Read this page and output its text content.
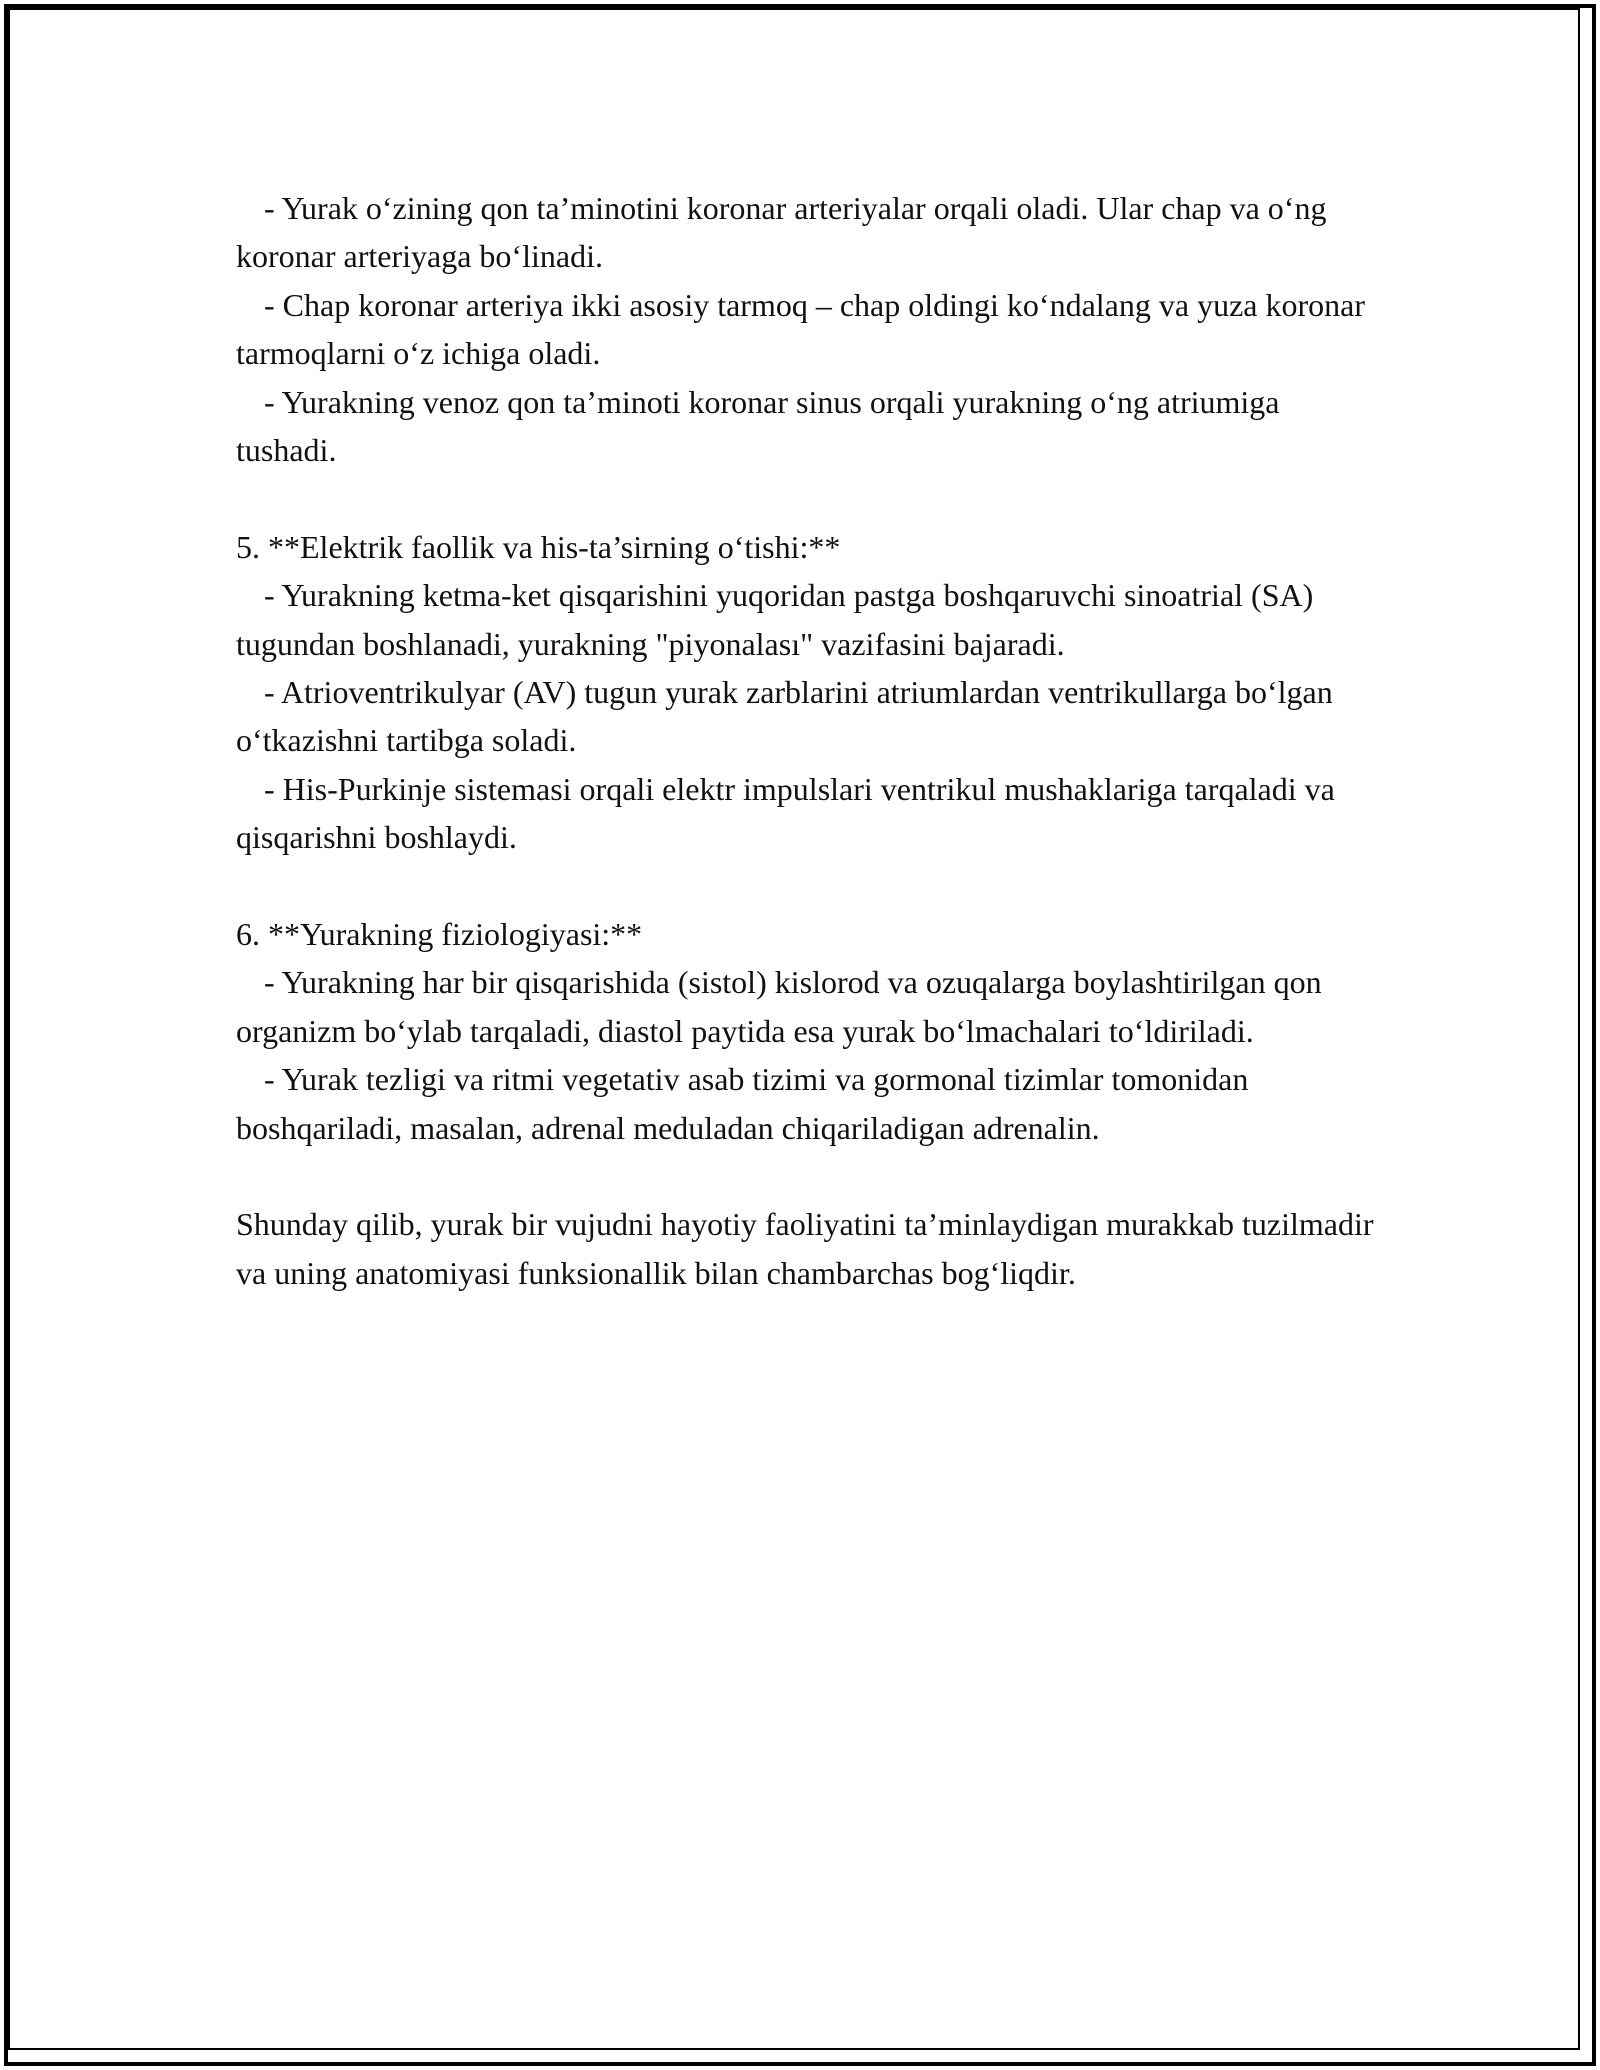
- Yurak o‘zining qon ta’minotini koronar arteriyalar orqali oladi. Ular chap va o‘ng koronar arteriyaga bo‘linadi.

- Chap koronar arteriya ikki asosiy tarmoq – chap oldingi ko‘ndalang va yuza koronar tarmoqlarni o‘z ichiga oladi.

- Yurakning venoz qon ta’minoti koronar sinus orqali yurakning o‘ng atriumiga tushadi.

5. **Elektrik faollik va his-ta’sirning o‘tishi:**

- Yurakning ketma-ket qisqarishini yuqoridan pastga boshqaruvchi sinoatrial (SA) tugundan boshlanadi, yurakning "piyonalası" vazifasini bajaradi.

- Atrioventrikulyar (AV) tugun yurak zarblarini atriumlardan ventrikullarga bo‘lgan o‘tkazishni tartibga soladi.

- His-Purkinje sistemasi orqali elektr impulslari ventrikul mushaklariga tarqaladi va qisqarishni boshlaydi.

6. **Yurakning fiziologiyasi:**

- Yurakning har bir qisqarishida (sistol) kislorod va ozuqalarga boylashtirilgan qon organizm bo‘ylab tarqaladi, diastol paytida esa yurak bo‘lmachalari to‘ldiriladi.

- Yurak tezligi va ritmi vegetativ asab tizimi va gormonal tizimlar tomonidan boshqariladi, masalan, adrenal meduladan chiqariladigan adrenalin.

Shunday qilib, yurak bir vujudni hayotiy faoliyatini ta’minlaydigan murakkab tuzilmadir va uning anatomiyasi funksionallik bilan chambarchas bog‘liqdir.
